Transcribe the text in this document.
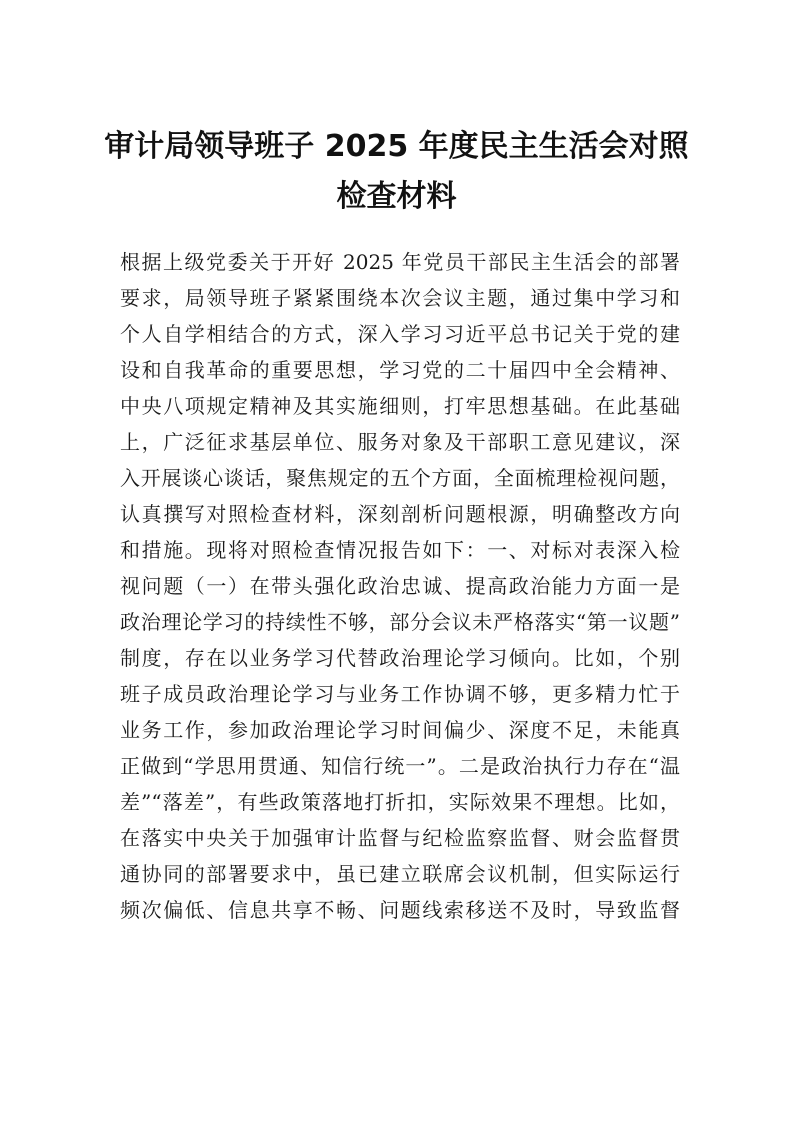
审计局领导班子 2025 年度民主生活会对照
检查材料
根据上级党委关于开好 2025 年党员干部民主生活会的部署
要求，局领导班子紧紧围绕本次会议主题，通过集中学习和
个人自学相结合的方式，深入学习习近平总书记关于党的建
设和自我革命的重要思想，学习党的二十届四中全会精神、
中央八项规定精神及其实施细则，打牢思想基础。在此基础
上，广泛征求基层单位、服务对象及干部职工意见建议，深
入开展谈心谈话，聚焦规定的五个方面，全面梳理检视问题，
认真撰写对照检查材料，深刻剖析问题根源，明确整改方向
和措施。现将对照检查情况报告如下：一、对标对表深入检
视问题（一）在带头强化政治忠诚、提高政治能力方面一是
政治理论学习的持续性不够，部分会议未严格落实“第一议题”
制度，存在以业务学习代替政治理论学习倾向。比如，个别
班子成员政治理论学习与业务工作协调不够，更多精力忙于
业务工作，参加政治理论学习时间偏少、深度不足，未能真
正做到“学思用贯通、知信行统一”。二是政治执行力存在“温
差”“落差”，有些政策落地打折扣，实际效果不理想。比如，
在落实中央关于加强审计监督与纪检监察监督、财会监督贯
通协同的部署要求中，虽已建立联席会议机制，但实际运行
频次偏低、信息共享不畅、问题线索移送不及时，导致监督
